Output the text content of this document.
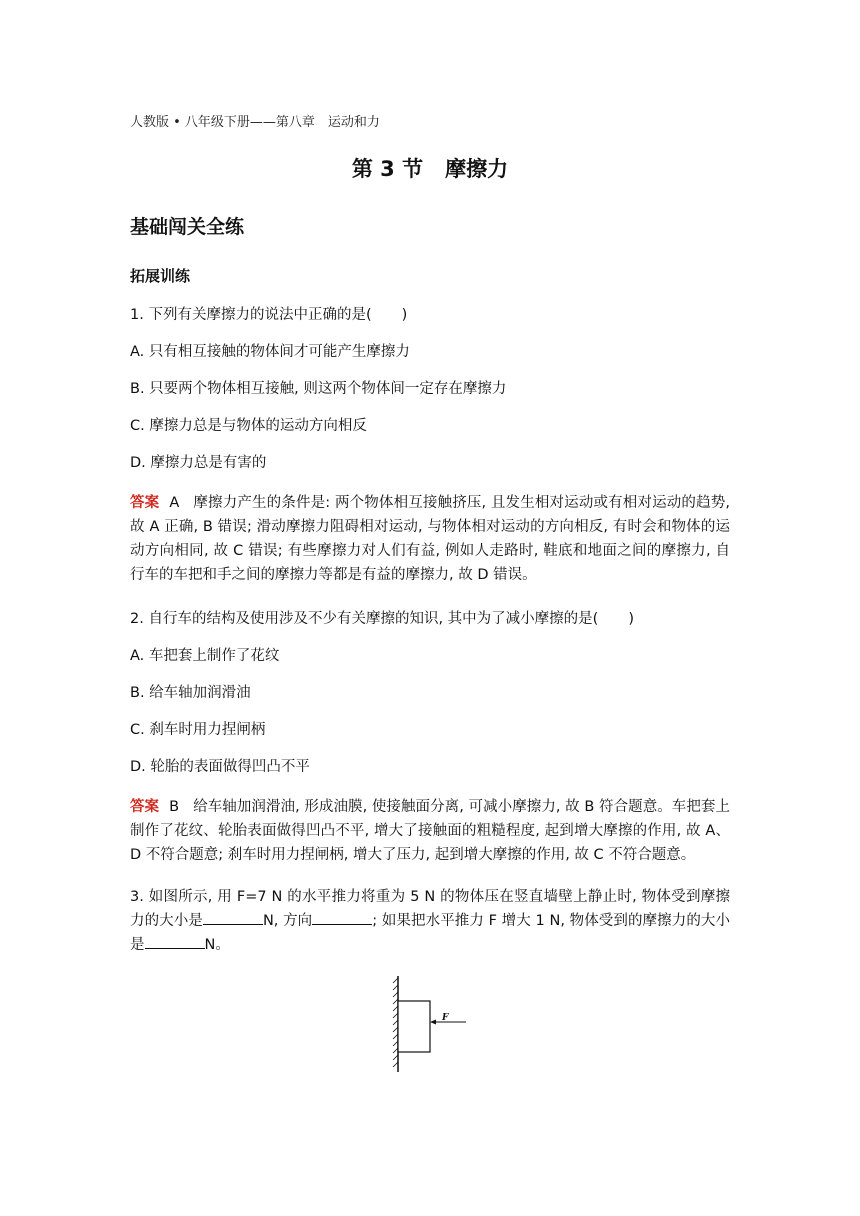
人教版 • 八年级下册——第八章　运动和力
第 3 节 摩擦力
基础闯关全练
拓展训练
1. 下列有关摩擦力的说法中正确的是( )
A. 只有相互接触的物体间才可能产生摩擦力
B. 只要两个物体相互接触, 则这两个物体间一定存在摩擦力
C. 摩擦力总是与物体的运动方向相反
D. 摩擦力总是有害的
答案 A 摩擦力产生的条件是: 两个物体相互接触挤压, 且发生相对运动或有相对运动的趋势, 故 A 正确, B 错误; 滑动摩擦力阻碍相对运动, 与物体相对运动的方向相反, 有时会和物体的运动方向相同, 故 C 错误; 有些摩擦力对人们有益, 例如人走路时, 鞋底和地面之间的摩擦力, 自行车的车把和手之间的摩擦力等都是有益的摩擦力, 故 D 错误。
2. 自行车的结构及使用涉及不少有关摩擦的知识, 其中为了减小摩擦的是( )
A. 车把套上制作了花纹
B. 给车轴加润滑油
C. 刹车时用力捏闸柄
D. 轮胎的表面做得凹凸不平
答案 B 给车轴加润滑油, 形成油膜, 使接触面分离, 可减小摩擦力, 故 B 符合题意。车把套上制作了花纹、轮胎表面做得凹凸不平, 增大了接触面的粗糙程度, 起到增大摩擦的作用, 故 A、D 不符合题意; 刹车时用力捏闸柄, 增大了压力, 起到增大摩擦的作用, 故 C 不符合题意。
3. 如图所示, 用 F=7 N 的水平推力将重为 5 N 的物体压在竖直墙壁上静止时, 物体受到摩擦力的大小是	N, 方向	; 如果把水平推力 F 增大 1 N, 物体受到的摩擦力的大小是	N。
F
